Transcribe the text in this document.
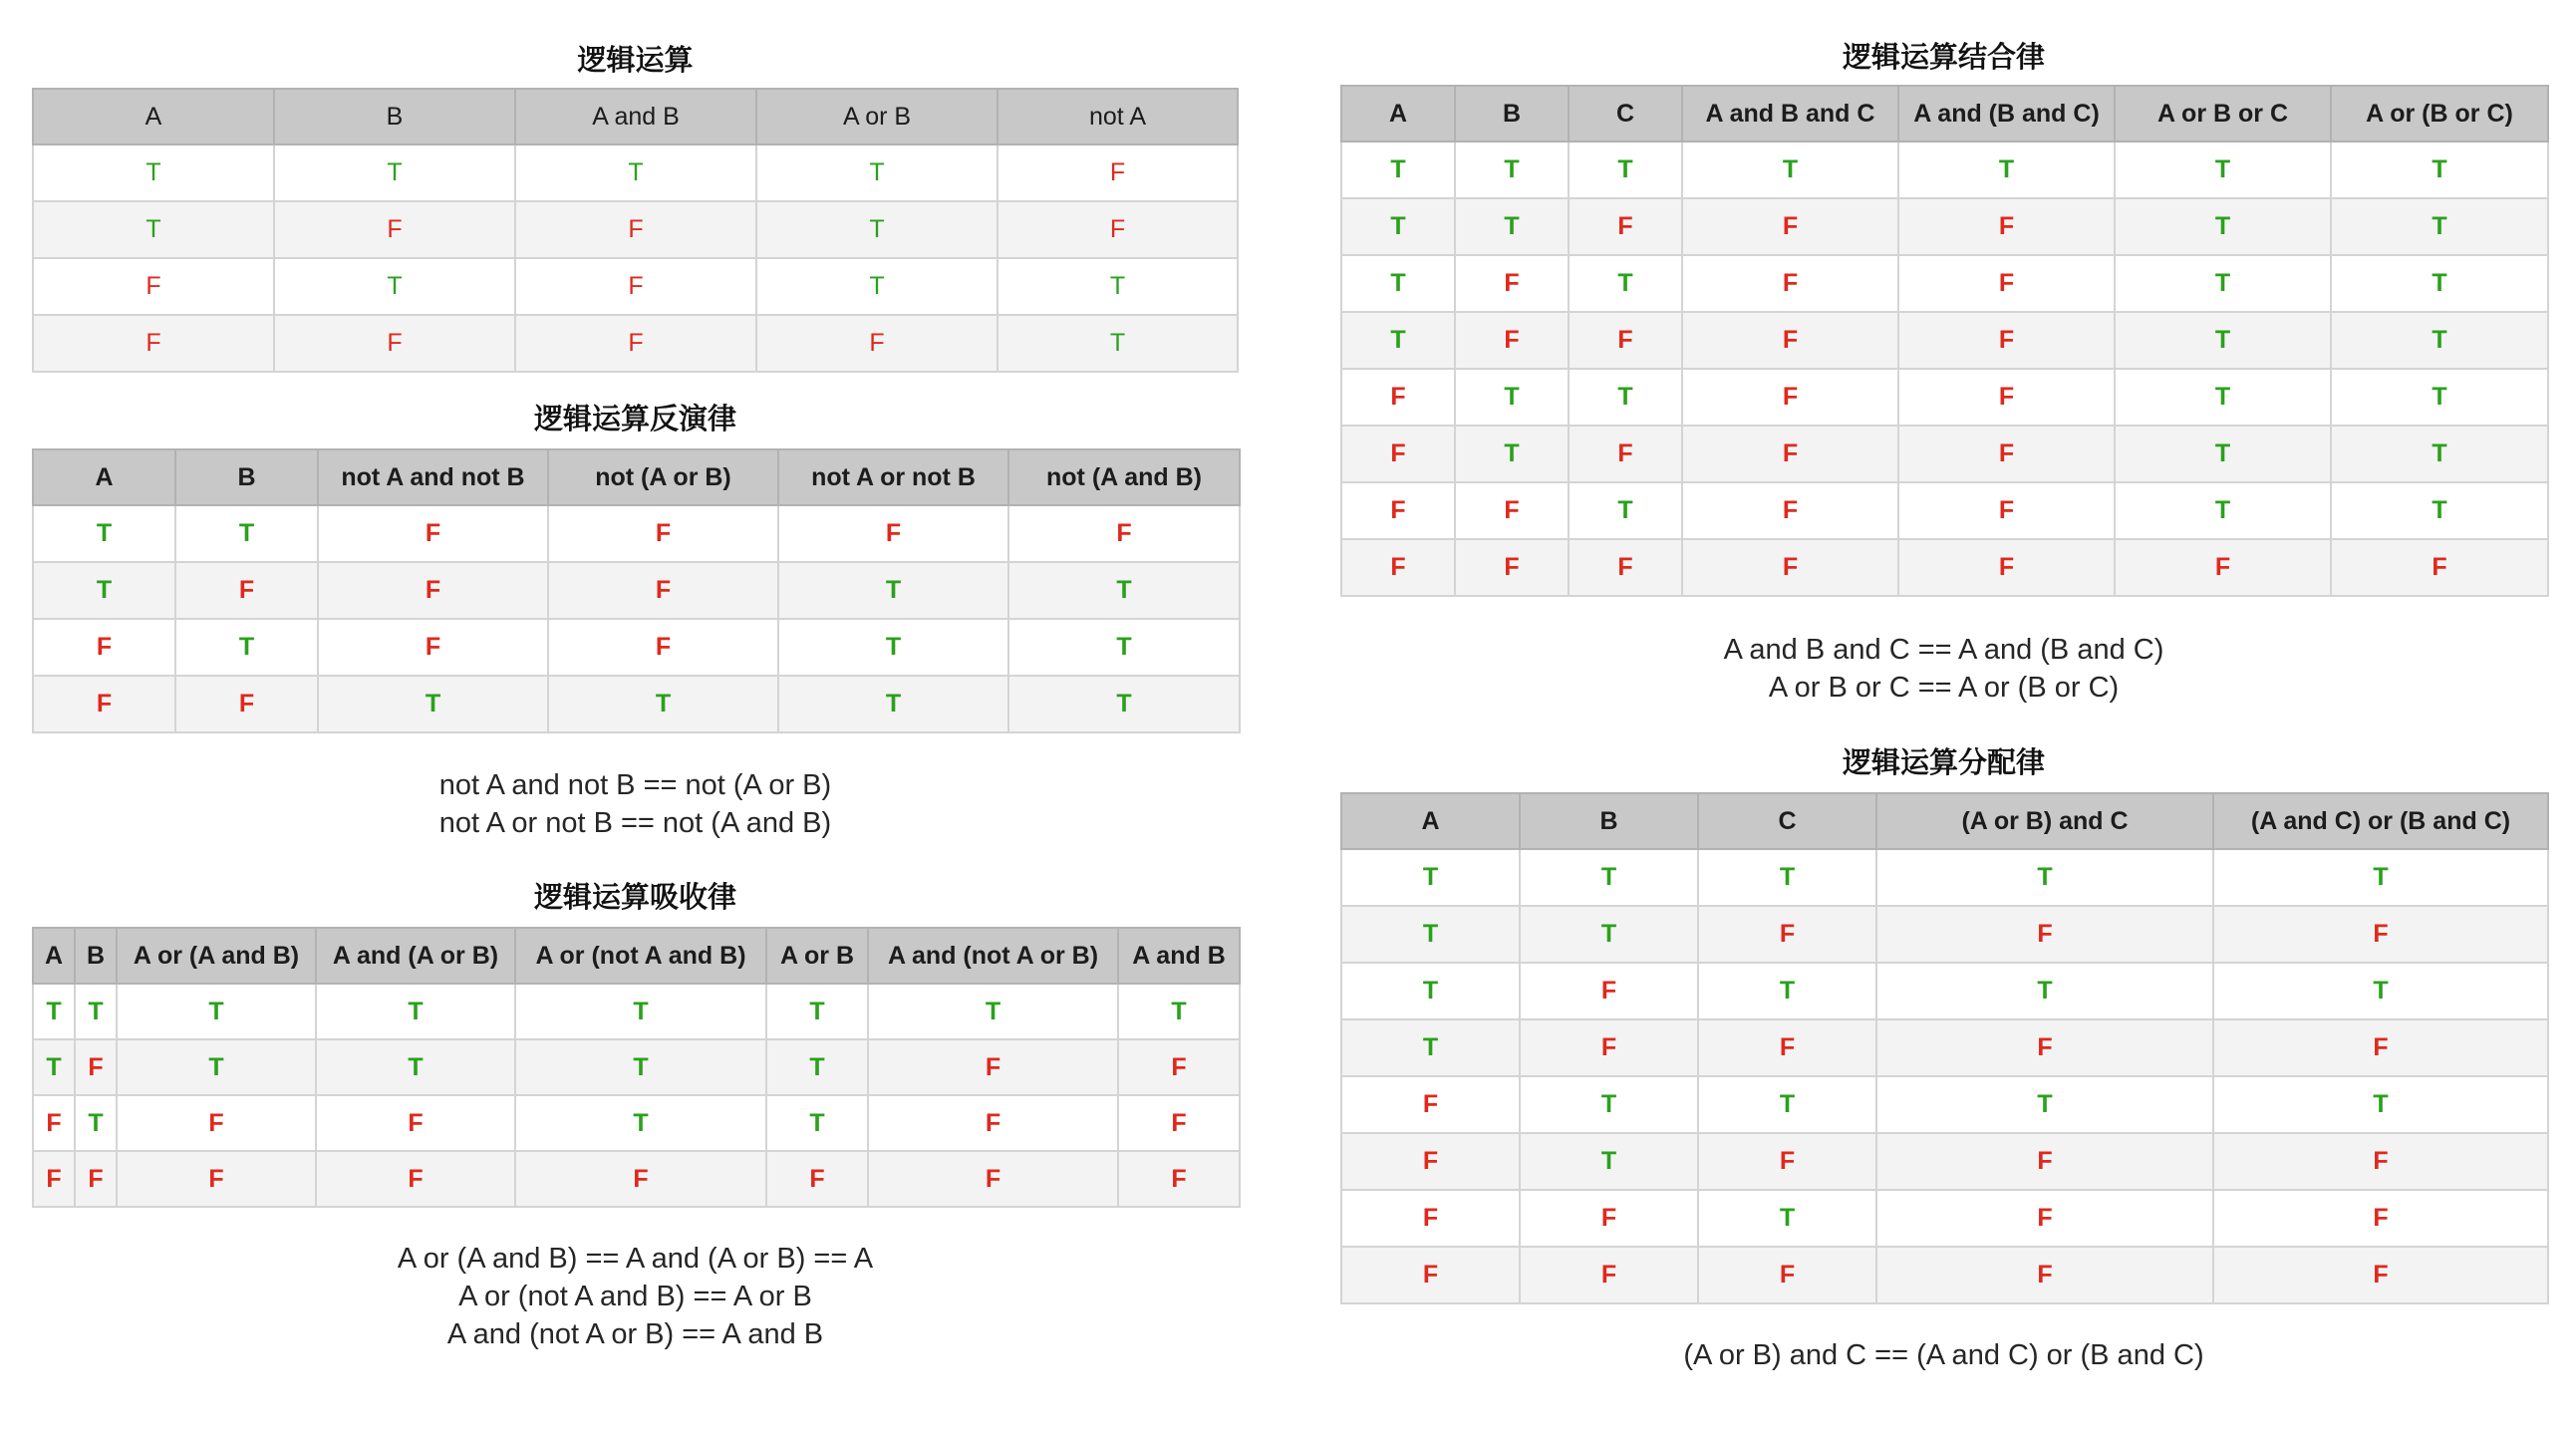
逻辑运算
A	B	A and B	A or B	not A
T	T	T	T	F
T	F	F	T	F
F	T	F	T	T
F	F	F	F	T
逻辑运算反演律
A	B	not A and not B	not (A or B)	not A or not B	not (A and B)
T	T	F	F	F	F
T	F	F	F	T	T
F	T	F	F	T	T
F	F	T	T	T	T
not A and not B == not (A or B)
not A or not B == not (A and B)
逻辑运算吸收律
A	B	A or (A and B)	A and (A or B)	A or (not A and B)	A or B	A and (not A or B)	A and B
T	T	T	T	T	T	T	T
T	F	T	T	T	T	F	F
F	T	F	F	T	T	F	F
F	F	F	F	F	F	F	F
A or (A and B) == A and (A or B) == A
A or (not A and B) == A or B
A and (not A or B) == A and B
逻辑运算结合律
A	B	C	A and B and C	A and (B and C)	A or B or C	A or (B or C)
T	T	T	T	T	T	T
T	T	F	F	F	T	T
T	F	T	F	F	T	T
T	F	F	F	F	T	T
F	T	T	F	F	T	T
F	T	F	F	F	T	T
F	F	T	F	F	T	T
F	F	F	F	F	F	F
A and B and C == A and (B and C)
A or B or C == A or (B or C)
逻辑运算分配律
A	B	C	(A or B) and C	(A and C) or (B and C)
T	T	T	T	T
T	T	F	F	F
T	F	T	T	T
T	F	F	F	F
F	T	T	T	T
F	T	F	F	F
F	F	T	F	F
F	F	F	F	F
(A or B) and C == (A and C) or (B and C)
